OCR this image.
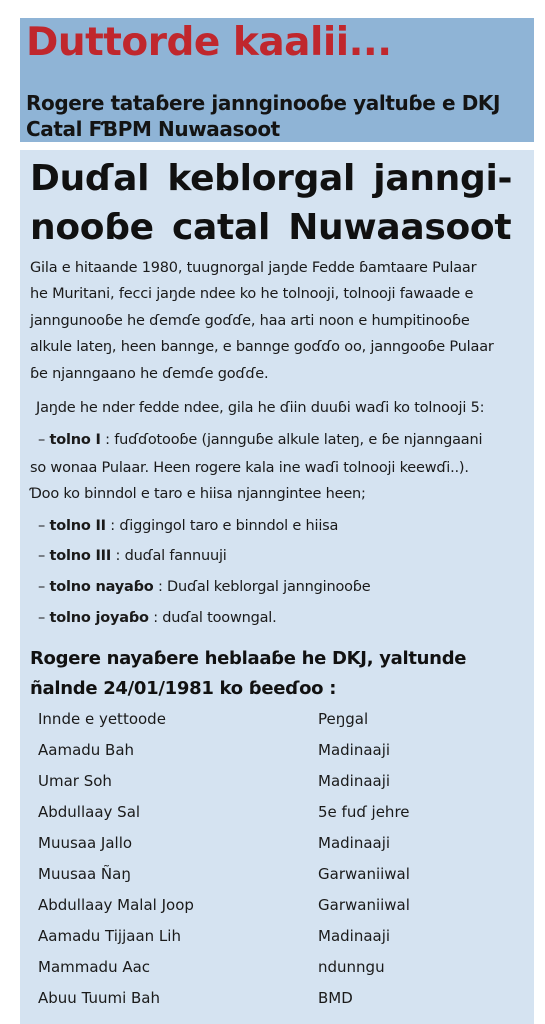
Duttorde kaalii...
Rogere tataɓere jannginooɓe yaltuɓe e DKJ Catal FƁPM Nuwaasoot
Duɗal keblorgal janngi-nooɓe catal Nuwaasoot
Gila e hitaande 1980, tuugnorgal jaŋde Fedde ɓamtaare Pulaar
he Muritani, fecci jaŋde ndee ko he tolnooji, tolnooji fawaade e
janngunooɓe he ɗemɗe goɗɗe, haa arti noon e humpitinooɓe
alkule lateŋ, heen bannge, e bannge goɗɗo oo, janngooɓe Pulaar
ɓe njanngaano he ɗemɗe goɗɗe.
Jaŋde he nder fedde ndee, gila he ɗiin duuɓi waɗi ko tolnooji 5:
– tolno I : fuɗɗotooɓe (jannguɓe alkule lateŋ, e ɓe njanngaani
so wonaa Pulaar. Heen rogere kala ine waɗi tolnooji keewɗi..).
Ɗoo ko binndol e taro e hiisa njanngintee heen;
– tolno II : ɗiggingol taro e binndol e hiisa
– tolno III : duɗal fannuuji
– tolno nayaɓo : Duɗal keblorgal jannginooɓe
– tolno joyaɓo : duɗal toowngal.
Rogere nayaɓere heblaaɓe he DKJ, yaltunde ñalnde 24/01/1981 ko ɓeeɗoo :
Innde e yettoode	Peŋgal
Aamadu Bah	Madinaaji
Umar Soh	Madinaaji
Abdullaay Sal	5e fuɗ jehre
Muusaa Jallo	Madinaaji
Muusaa Ñaŋ	Garwaniiwal
Abdullaay Malal Joop	Garwaniiwal
Aamadu Tijjaan Lih	Madinaaji
Mammadu Aac	ndunngu
Abuu Tuumi Bah	BMD
